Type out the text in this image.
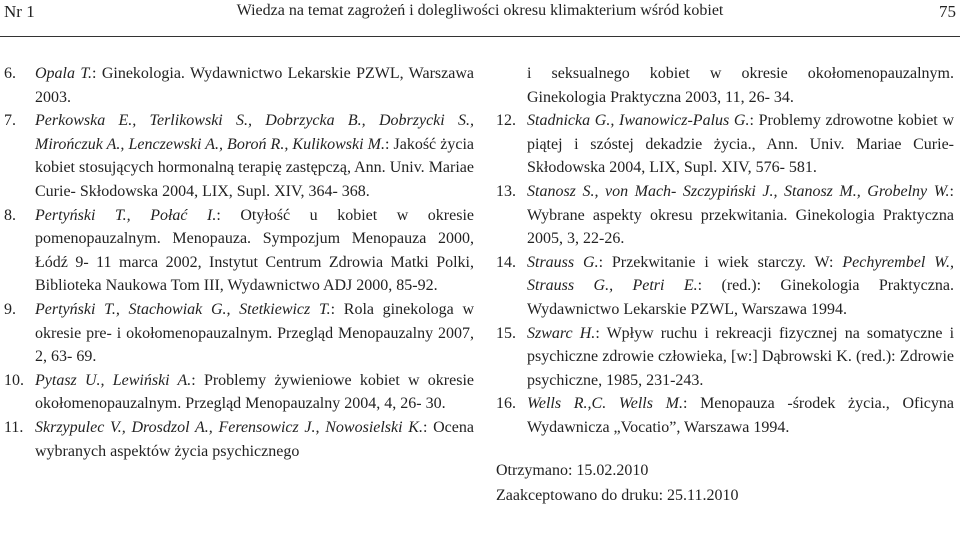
Nr 1	Wiedza na temat zagrożeń i dolegliwości okresu klimakterium wśród kobiet	75
6. Opala T.: Ginekologia. Wydawnictwo Lekarskie PZWL, Warszawa 2003.
7. Perkowska E., Terlikowski S., Dobrzycka B., Dobrzycki S., Mirończuk A., Lenczewski A., Boroń R., Kulikowski M.: Jakość życia kobiet stosujących hormonalną terapię zastępczą, Ann. Univ. Mariae Curie- Skłodowska 2004, LIX, Supl. XIV, 364- 368.
8. Pertyński T., Połać I.: Otyłość u kobiet w okresie pomenopauzalnym. Menopauza. Sympozjum Menopauza 2000, Łódź 9- 11 marca 2002, Instytut Centrum Zdrowia Matki Polki, Biblioteka Naukowa Tom III, Wydawnictwo ADJ 2000, 85-92.
9. Pertyński T., Stachowiak G., Stetkiewicz T.: Rola ginekologa w okresie pre- i okołomenopauzalnym. Przegląd Menopauzalny 2007, 2, 63- 69.
10. Pytasz U., Lewiński A.: Problemy żywieniowe kobiet w okresie okołomenopauzalnym. Przegląd Menopauzalny 2004, 4, 26- 30.
11. Skrzypulec V., Drosdzol A., Ferensowicz J., Nowosielski K.: Ocena wybranych aspektów życia psychicznego
i seksualnego kobiet w okresie okołomenopauzalnym. Ginekologia Praktyczna 2003, 11, 26- 34.
12. Stadnicka G., Iwanowicz-Palus G.: Problemy zdrowotne kobiet w piątej i szóstej dekadzie życia., Ann. Univ. Mariae Curie- Skłodowska 2004, LIX, Supl. XIV, 576- 581.
13. Stanosz S., von Mach- Szczypiński J., Stanosz M., Grobelny W.: Wybrane aspekty okresu przekwitania. Ginekologia Praktyczna 2005, 3, 22-26.
14. Strauss G.: Przekwitanie i wiek starczy. W: Pechyrembel W., Strauss G., Petri E.: (red.): Ginekologia Praktyczna. Wydawnictwo Lekarskie PZWL, Warszawa 1994.
15. Szwarc H.: Wpływ ruchu i rekreacji fizycznej na somatyczne i psychiczne zdrowie człowieka, [w:] Dąbrowski K. (red.): Zdrowie psychiczne, 1985, 231-243.
16. Wells R.,C. Wells M.: Menopauza -środek życia., Oficyna Wydawnicza „Vocatio”, Warszawa 1994.
Otrzymano: 15.02.2010
Zaakceptowano do druku: 25.11.2010
